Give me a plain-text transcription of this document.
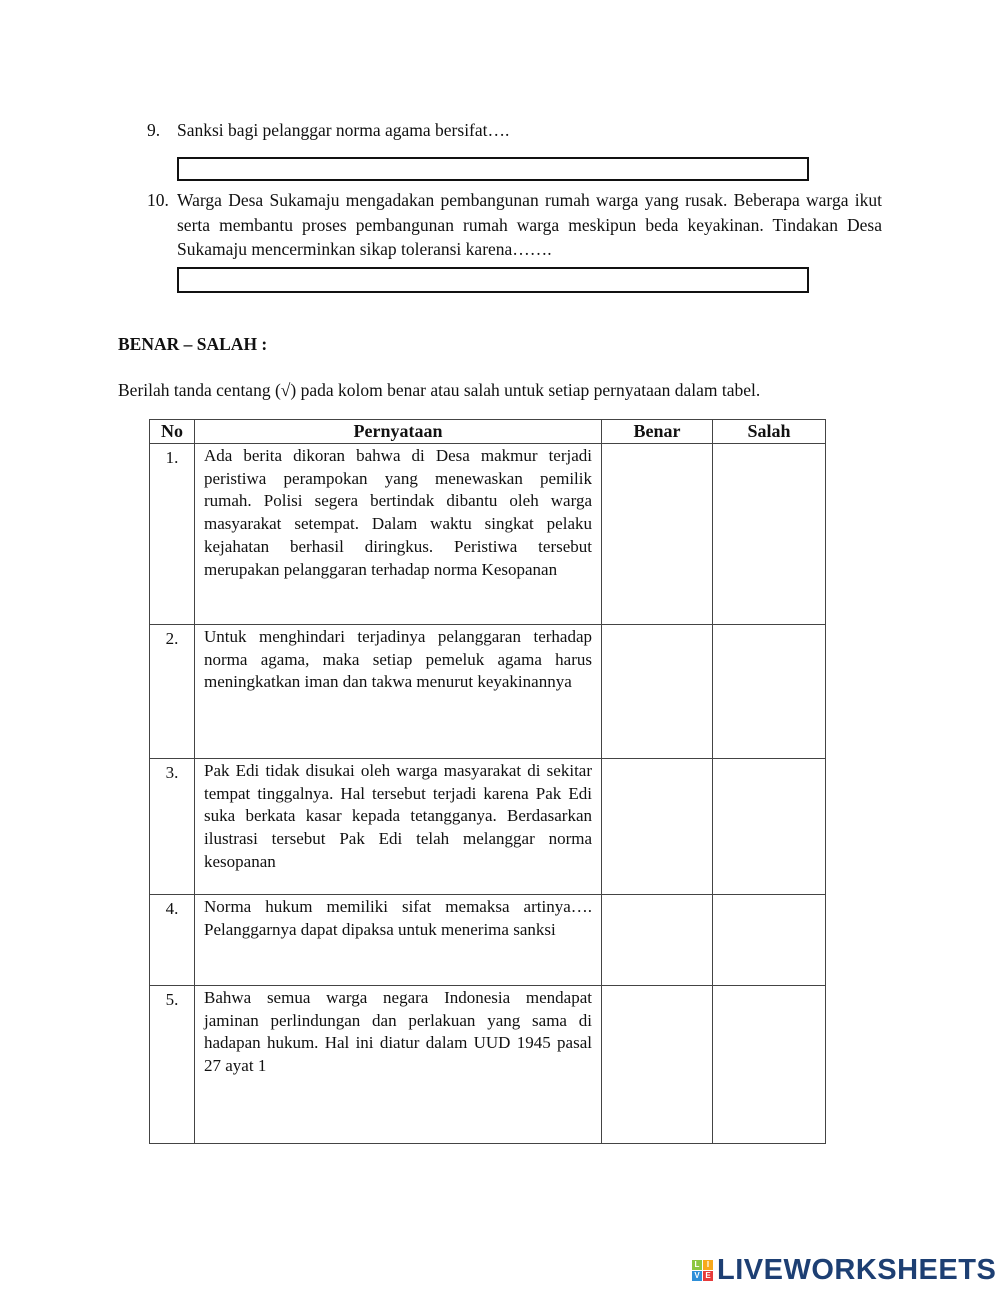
9. Sanksi bagi pelanggar norma agama bersifat….
10. Warga Desa Sukamaju mengadakan pembangunan rumah warga yang rusak. Beberapa warga ikut serta membantu proses pembangunan rumah warga meskipun beda keyakinan. Tindakan Desa Sukamaju mencerminkan sikap toleransi karena…….
BENAR – SALAH :
Berilah tanda centang (√) pada kolom benar atau salah untuk setiap pernyataan dalam tabel.
No	Pernyataan	Benar	Salah
1.	Ada berita dikoran bahwa di Desa makmur terjadi peristiwa perampokan yang menewaskan pemilik rumah. Polisi segera bertindak dibantu oleh warga masyarakat setempat. Dalam waktu singkat pelaku kejahatan berhasil diringkus. Peristiwa tersebut merupakan pelanggaran terhadap norma Kesopanan		
2.	Untuk menghindari terjadinya pelanggaran terhadap norma agama, maka setiap pemeluk agama harus meningkatkan iman dan takwa menurut keyakinannya		
3.	Pak Edi tidak disukai oleh warga masyarakat di sekitar tempat tinggalnya. Hal tersebut terjadi karena Pak Edi suka berkata kasar kepada tetangganya. Berdasarkan ilustrasi tersebut Pak Edi telah melanggar norma kesopanan		
4.	Norma hukum memiliki sifat memaksa artinya…. Pelanggarnya dapat dipaksa untuk menerima sanksi		
5.	Bahwa semua warga negara Indonesia mendapat jaminan perlindungan dan perlakuan yang sama di hadapan hukum. Hal ini diatur dalam UUD 1945 pasal 27 ayat 1		
L I
V E LIVEWORKSHEETS
